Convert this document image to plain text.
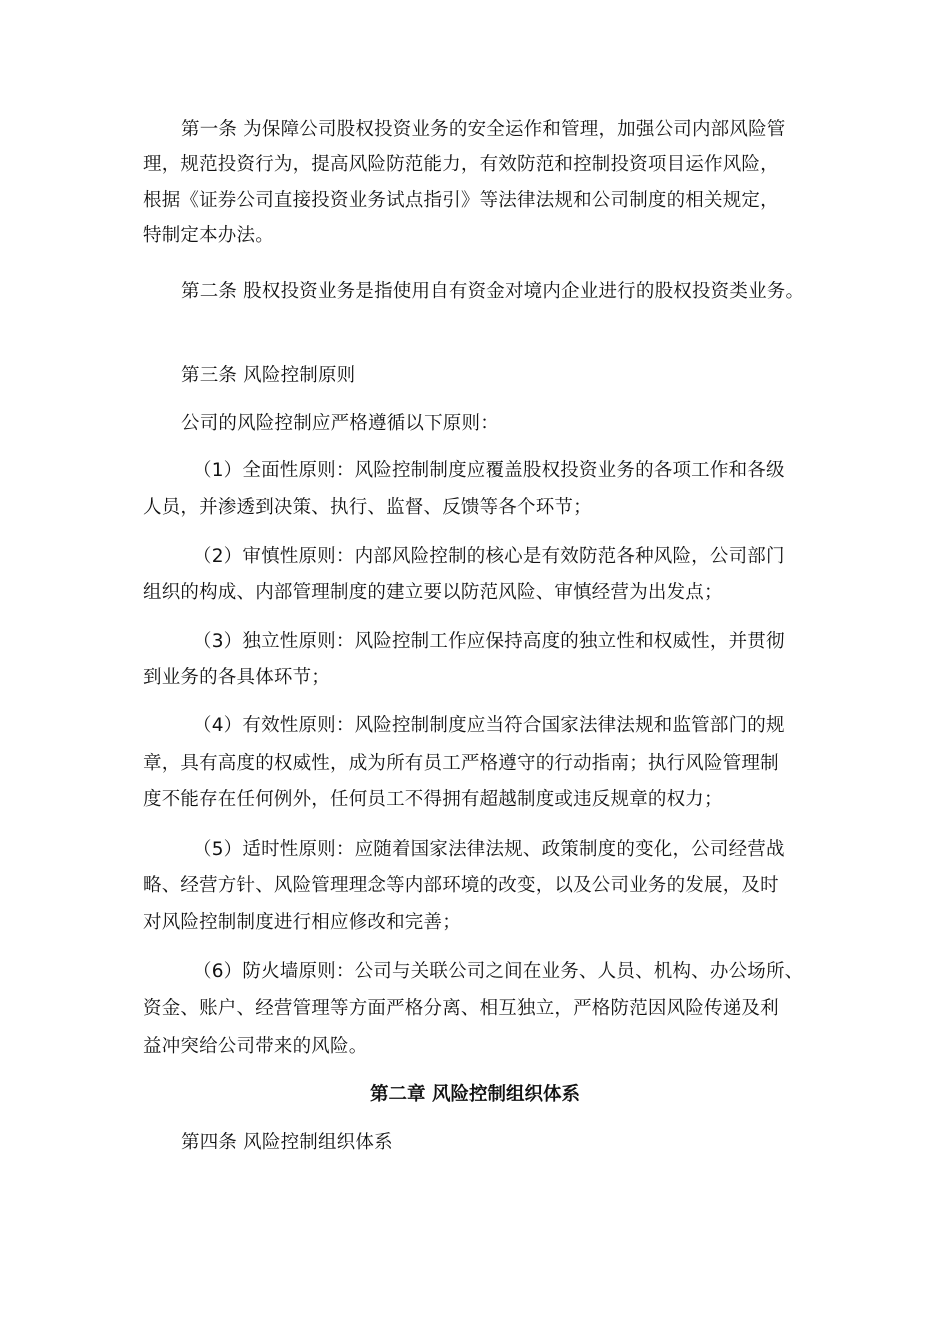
第一条 为保障公司股权投资业务的安全运作和管理，加强公司内部风险管
理，规范投资行为，提高风险防范能力，有效防范和控制投资项目运作风险，
根据《证券公司直接投资业务试点指引》等法律法规和公司制度的相关规定，
特制定本办法。
第二条 股权投资业务是指使用自有资金对境内企业进行的股权投资类业务。
第三条 风险控制原则
公司的风险控制应严格遵循以下原则：
（1）全面性原则：风险控制制度应覆盖股权投资业务的各项工作和各级
人员，并渗透到决策、执行、监督、反馈等各个环节；
（2）审慎性原则：内部风险控制的核心是有效防范各种风险，公司部门
组织的构成、内部管理制度的建立要以防范风险、审慎经营为出发点；
（3）独立性原则：风险控制工作应保持高度的独立性和权威性，并贯彻
到业务的各具体环节；
（4）有效性原则：风险控制制度应当符合国家法律法规和监管部门的规
章，具有高度的权威性，成为所有员工严格遵守的行动指南；执行风险管理制
度不能存在任何例外，任何员工不得拥有超越制度或违反规章的权力；
（5）适时性原则：应随着国家法律法规、政策制度的变化，公司经营战
略、经营方针、风险管理理念等内部环境的改变，以及公司业务的发展，及时
对风险控制制度进行相应修改和完善；
（6）防火墙原则：公司与关联公司之间在业务、人员、机构、办公场所、
资金、账户、经营管理等方面严格分离、相互独立，严格防范因风险传递及利
益冲突给公司带来的风险。
第二章 风险控制组织体系
第四条 风险控制组织体系
